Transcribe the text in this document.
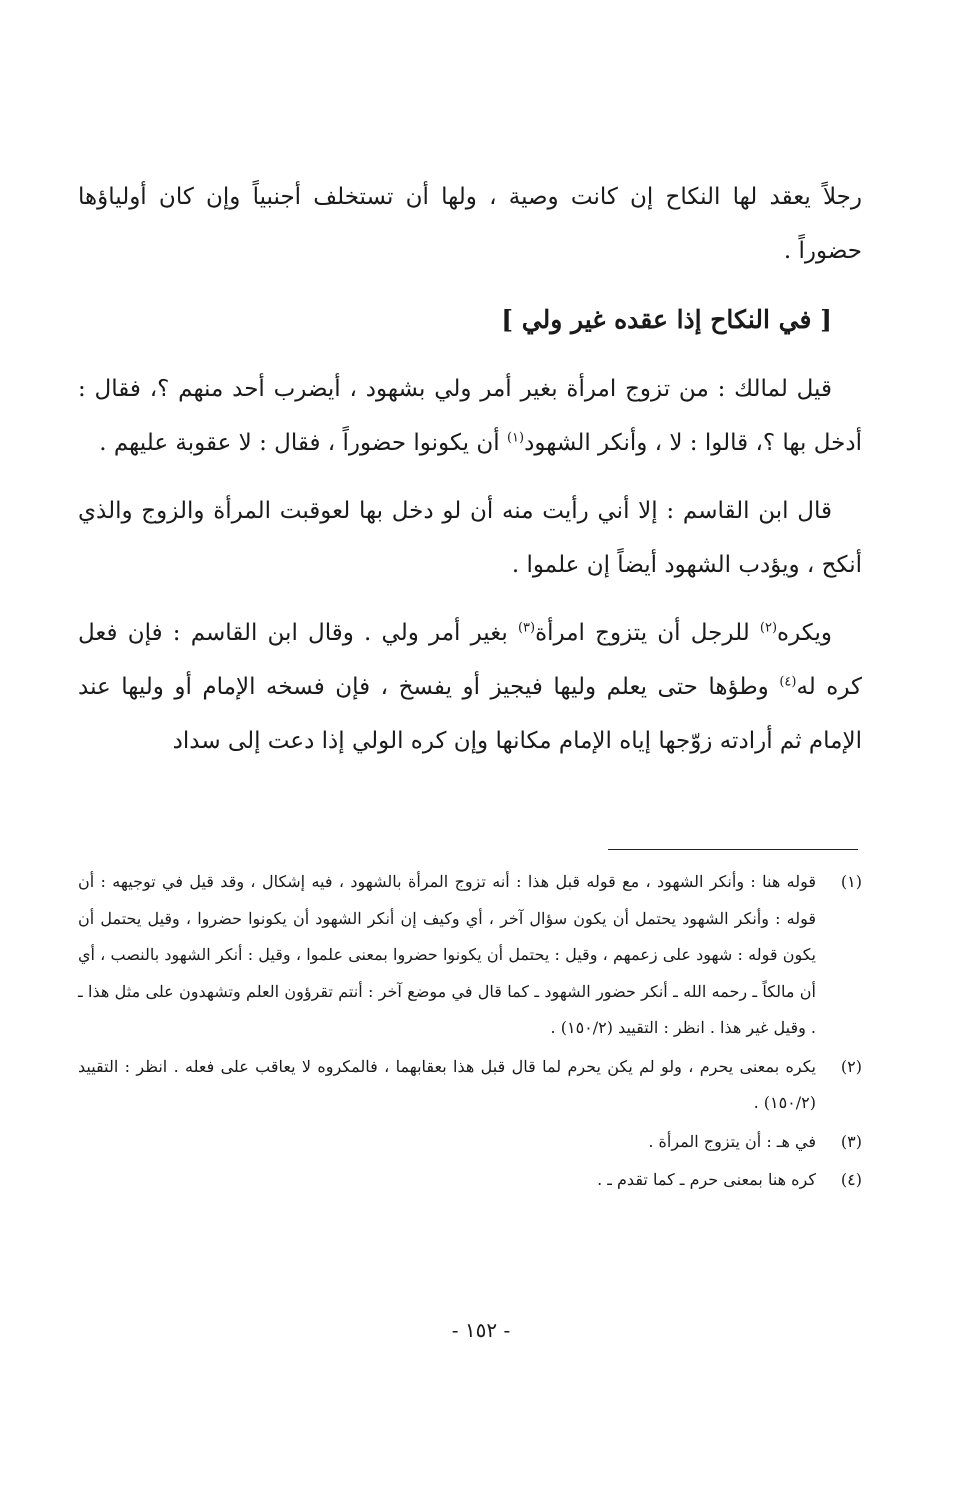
رجلاً يعقد لها النكاح إن كانت وصية ، ولها أن تستخلف أجنبياً وإن كان أولياؤها حضوراً .

[ في النكاح إذا عقده غير ولي ]

قيل لمالك : من تزوج امرأة بغير أمر ولي بشهود ، أيضرب أحد منهم ؟، فقال : أدخل بها ؟، قالوا : لا ، وأنكر الشهود$^{(١)}$ أن يكونوا حضوراً ، فقال : لا عقوبة عليهم .

قال ابن القاسم : إلا أني رأيت منه أن لو دخل بها لعوقبت المرأة والزوج والذي أنكح ، ويؤدب الشهود أيضاً إن علموا .

ويكره$^{(٢)}$ للرجل أن يتزوج امرأة$^{(٣)}$ بغير أمر ولي . وقال ابن القاسم : فإن فعل كره له$^{(٤)}$ وطؤها حتى يعلم وليها فيجيز أو يفسخ ، فإن فسخه الإمام أو وليها عند الإمام ثم أرادته زوّجها إياه الإمام مكانها وإن كره الولي إذا دعت إلى سداد

(١)
قوله هنا : وأنكر الشهود ، مع قوله قبل هذا : أنه تزوج المرأة بالشهود ، فيه إشكال ، وقد قيل في توجيهه : أن قوله : وأنكر الشهود يحتمل أن يكون سؤال آخر ، أي وكيف إن أنكر الشهود أن يكونوا حضروا ، وقيل يحتمل أن يكون قوله : شهود على زعمهم ، وقيل : يحتمل أن يكونوا حضروا بمعنى علموا ، وقيل : أنكر الشهود بالنصب ، أي أن مالكاً ـ رحمه الله ـ أنكر حضور الشهود ـ كما قال في موضع آخر : أنتم تقرؤون العلم وتشهدون على مثل هذا ـ . وقيل غير هذا . انظر : التقييد (١٥٠/٢) .
(٢)
يكره بمعنى يحرم ، ولو لم يكن يحرم لما قال قبل هذا بعقابهما ، فالمكروه لا يعاقب على فعله . انظر : التقييد (١٥٠/٢) .
(٣)
في هـ : أن يتزوج المرأة .
(٤)
كره هنا بمعنى حرم ـ كما تقدم ـ .
- ١٥٢ -
